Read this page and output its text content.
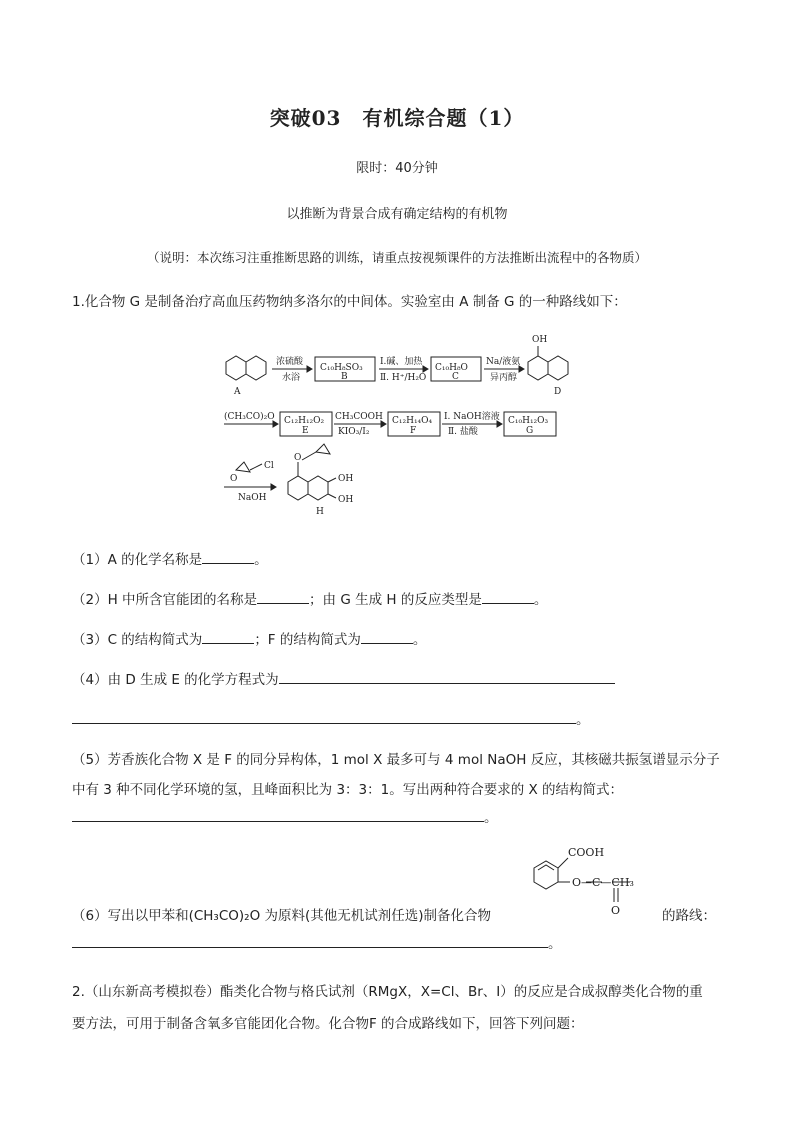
突破03　有机综合题（1）
限时：40分钟
以推断为背景合成有确定结构的有机物
（说明：本次练习注重推断思路的训练，请重点按视频课件的方法推断出流程中的各物质）
1.化合物 G 是制备治疗高血压药物纳多洛尔的中间体。实验室由 A 制备 G 的一种路线如下：
A
浓硫酸
水浴
C₁₀H₈SO₃
B
Ⅰ.碱、加热
Ⅱ. H⁺/H₂O
C₁₀H₈O
C
Na/液氨
异丙醇
OH
D
(CH₃CO)₂O C₁₂H₁₂O₂
E
CH₃COOH
KIO₃/I₂
C₁₂H₁₄O₄
F
Ⅰ. NaOH溶液
Ⅱ. 盐酸
C₁₀H₁₂O₃
G
O
Cl
NaOH
O
OH
OH
H
（1）A 的化学名称是	。
（2）H 中所含官能团的名称是	；由 G 生成 H 的反应类型是	。
（3）C 的结构简式为	；F 的结构简式为	。
（4）由 D 生成 E 的化学方程式为
。
（5）芳香族化合物 X 是 F 的同分异构体，1 mol X 最多可与 4 mol NaOH 反应，其核磁共振氢谱显示分子
中有 3 种不同化学环境的氢，且峰面积比为 3：3：1。写出两种符合要求的 X 的结构简式：
。
COOH
O—C—CH₃
O
（6）写出以甲苯和(CH₃CO)₂O 为原料(其他无机试剂任选)制备化合物	的路线：
。
2.（山东新高考模拟卷）酯类化合物与格氏试剂（RMgX，X=Cl、Br、I）的反应是合成叔醇类化合物的重
要方法，可用于制备含氧多官能团化合物。化合物F 的合成路线如下，回答下列问题：
